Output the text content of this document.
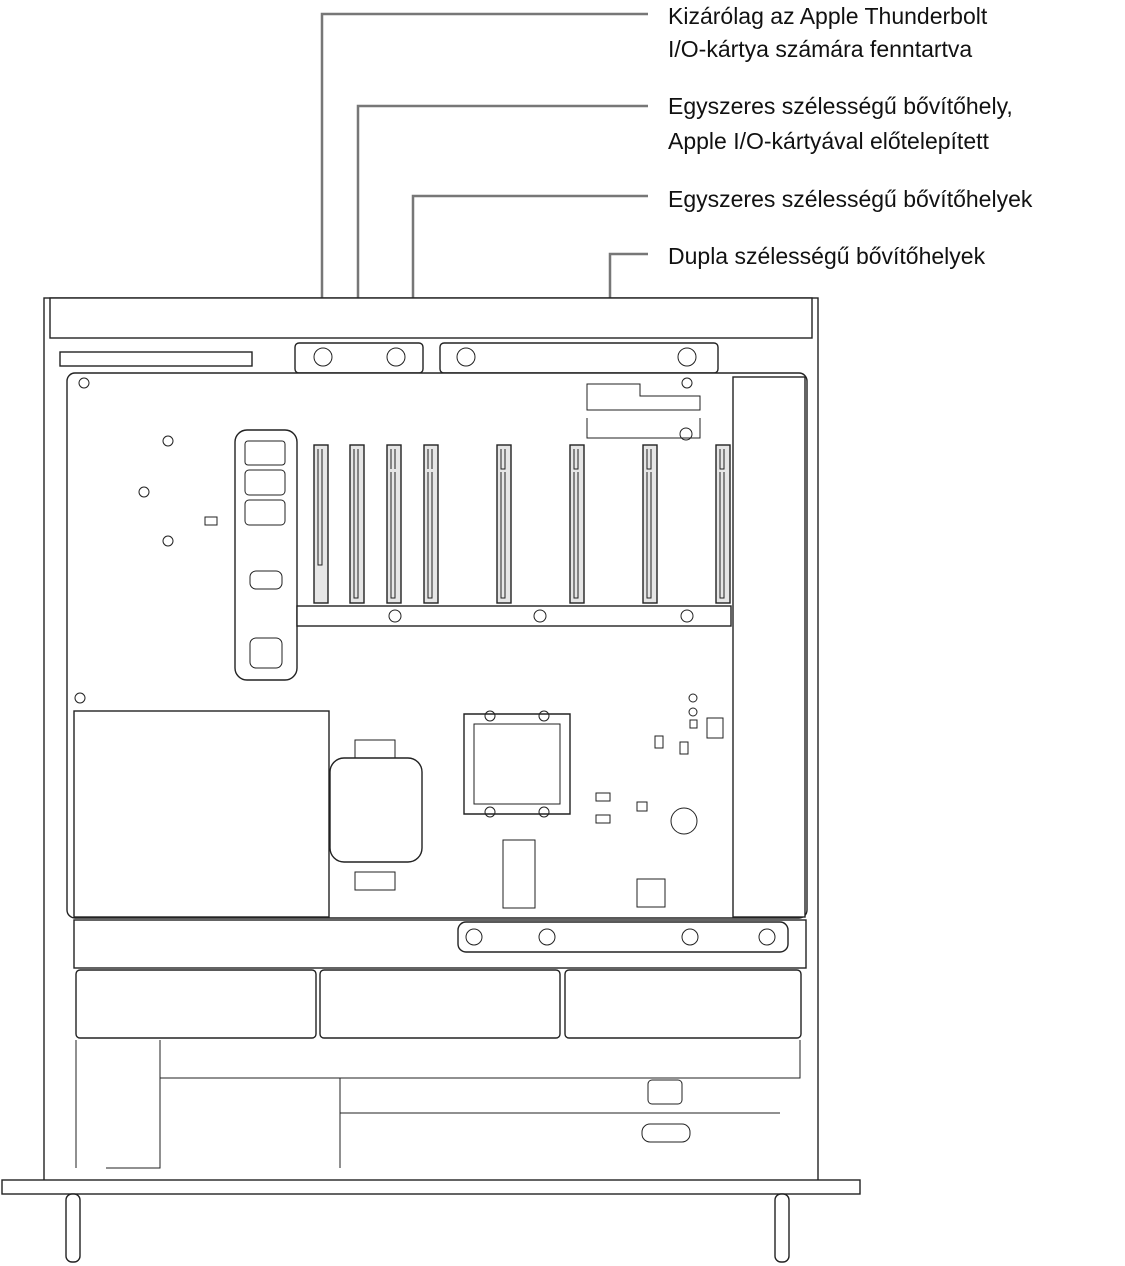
Kizárólag az Apple Thunderbolt I/O-kártya számára fenntartva
Egyszeres szélességű bővítőhely, Apple I/O-kártyával előtelepített
Egyszeres szélességű bővítőhelyek
Dupla szélességű bővítőhelyek
